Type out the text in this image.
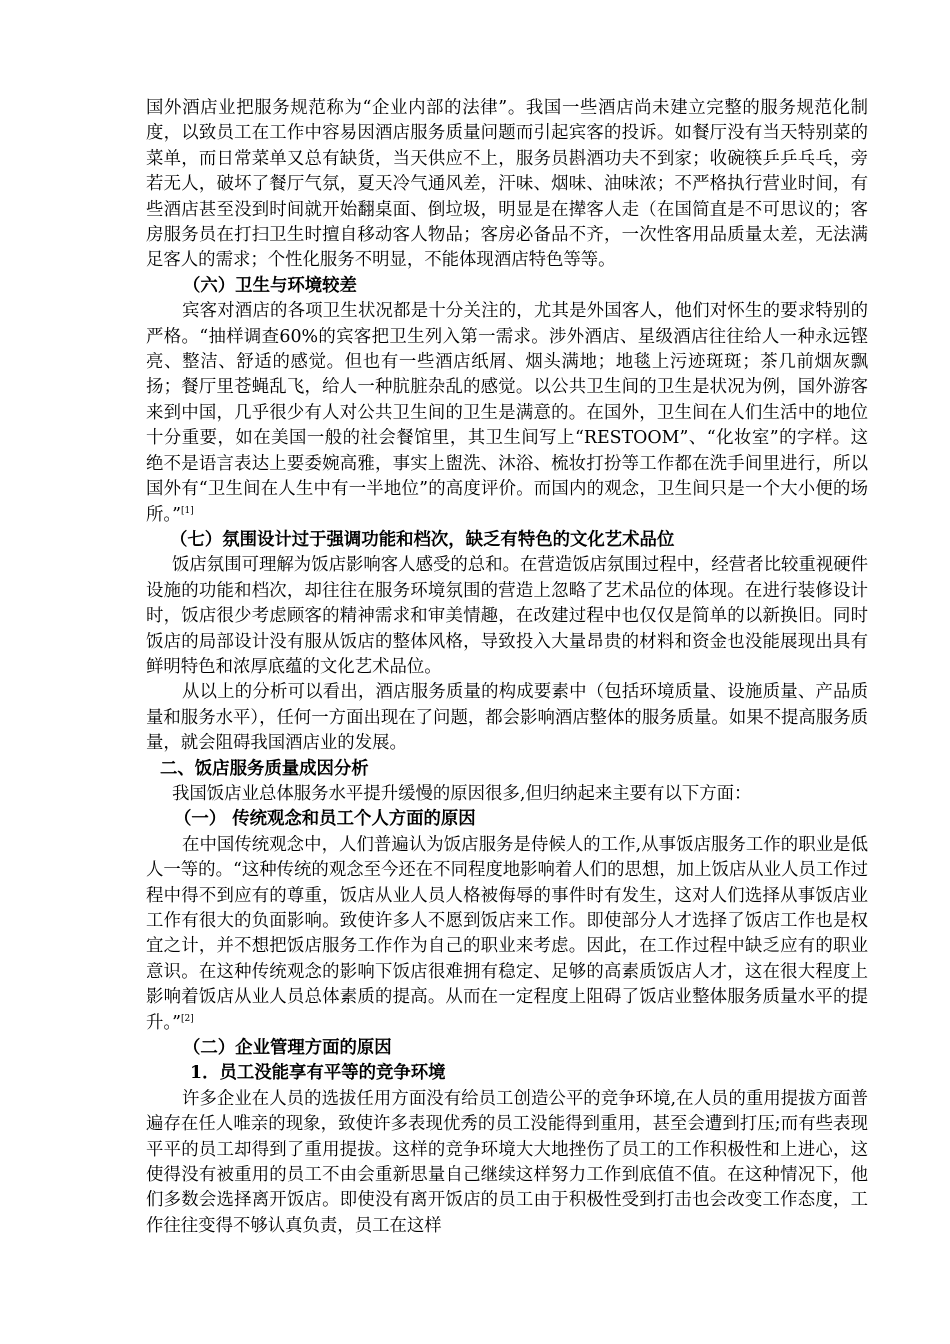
国外酒店业把服务规范称为“企业内部的法律”。我国一些酒店尚未建立完整的服务规范化制度，以致员工在工作中容易因酒店服务质量问题而引起宾客的投诉。如餐厅没有当天特别菜的菜单，而日常菜单又总有缺货，当天供应不上，服务员斟酒功夫不到家；收碗筷乒乒乓乓，旁若无人，破坏了餐厅气氛，夏天冷气通风差，汗味、烟味、油味浓；不严格执行营业时间，有些酒店甚至没到时间就开始翻桌面、倒垃圾，明显是在撵客人走（在国简直是不可思议的；客房服务员在打扫卫生时擅自移动客人物品；客房必备品不齐，一次性客用品质量太差，无法满足客人的需求；个性化服务不明显，不能体现酒店特色等等。

（六）卫生与环境较差

宾客对酒店的各项卫生状况都是十分关注的，尤其是外国客人，他们对怀生的要求特别的严格。“抽样调查60%的宾客把卫生列入第一需求。涉外酒店、星级酒店往往给人一种永远铿亮、整洁、舒适的感觉。但也有一些酒店纸屑、烟头满地；地毯上污迹斑斑；茶几前烟灰飘扬；餐厅里苍蝇乱飞，给人一种肮脏杂乱的感觉。以公共卫生间的卫生是状况为例，国外游客来到中国，几乎很少有人对公共卫生间的卫生是满意的。在国外，卫生间在人们生活中的地位十分重要，如在美国一般的社会餐馆里，其卫生间写上“RESTOOM”、“化妆室”的字样。这绝不是语言表达上要委婉高雅，事实上盥洗、沐浴、梳妆打扮等工作都在洗手间里进行，所以国外有“卫生间在人生中有一半地位”的高度评价。而国内的观念，卫生间只是一个大小便的场所。”[1]

（七）氛围设计过于强调功能和档次，缺乏有特色的文化艺术品位

饭店氛围可理解为饭店影响客人感受的总和。在营造饭店氛围过程中，经营者比较重视硬件设施的功能和档次，却往往在服务环境氛围的营造上忽略了艺术品位的体现。在进行装修设计时，饭店很少考虑顾客的精神需求和审美情趣，在改建过程中也仅仅是简单的以新换旧。同时饭店的局部设计没有服从饭店的整体风格，导致投入大量昂贵的材料和资金也没能展现出具有鲜明特色和浓厚底蕴的文化艺术品位。

从以上的分析可以看出，酒店服务质量的构成要素中（包括环境质量、设施质量、产品质量和服务水平），任何一方面出现在了问题，都会影响酒店整体的服务质量。如果不提高服务质量，就会阻碍我国酒店业的发展。

二、饭店服务质量成因分析

我国饭店业总体服务水平提升缓慢的原因很多,但归纳起来主要有以下方面：

（一） 传统观念和员工个人方面的原因

在中国传统观念中，人们普遍认为饭店服务是侍候人的工作,从事饭店服务工作的职业是低人一等的。“这种传统的观念至今还在不同程度地影响着人们的思想，加上饭店从业人员工作过程中得不到应有的尊重，饭店从业人员人格被侮辱的事件时有发生，这对人们选择从事饭店业工作有很大的负面影响。致使许多人不愿到饭店来工作。即使部分人才选择了饭店工作也是权宜之计，并不想把饭店服务工作作为自己的职业来考虑。因此，在工作过程中缺乏应有的职业意识。在这种传统观念的影响下饭店很难拥有稳定、足够的高素质饭店人才，这在很大程度上影响着饭店从业人员总体素质的提高。从而在一定程度上阻碍了饭店业整体服务质量水平的提升。”[2]

（二）企业管理方面的原因

1．员工没能享有平等的竞争环境

许多企业在人员的选拔任用方面没有给员工创造公平的竞争环境,在人员的重用提拔方面普遍存在任人唯亲的现象，致使许多表现优秀的员工没能得到重用，甚至会遭到打压;而有些表现平平的员工却得到了重用提拔。这样的竞争环境大大地挫伤了员工的工作积极性和上进心，这使得没有被重用的员工不由会重新思量自己继续这样努力工作到底值不值。在这种情况下，他们多数会选择离开饭店。即使没有离开饭店的员工由于积极性受到打击也会改变工作态度，工作往往变得不够认真负责，员工在这样
